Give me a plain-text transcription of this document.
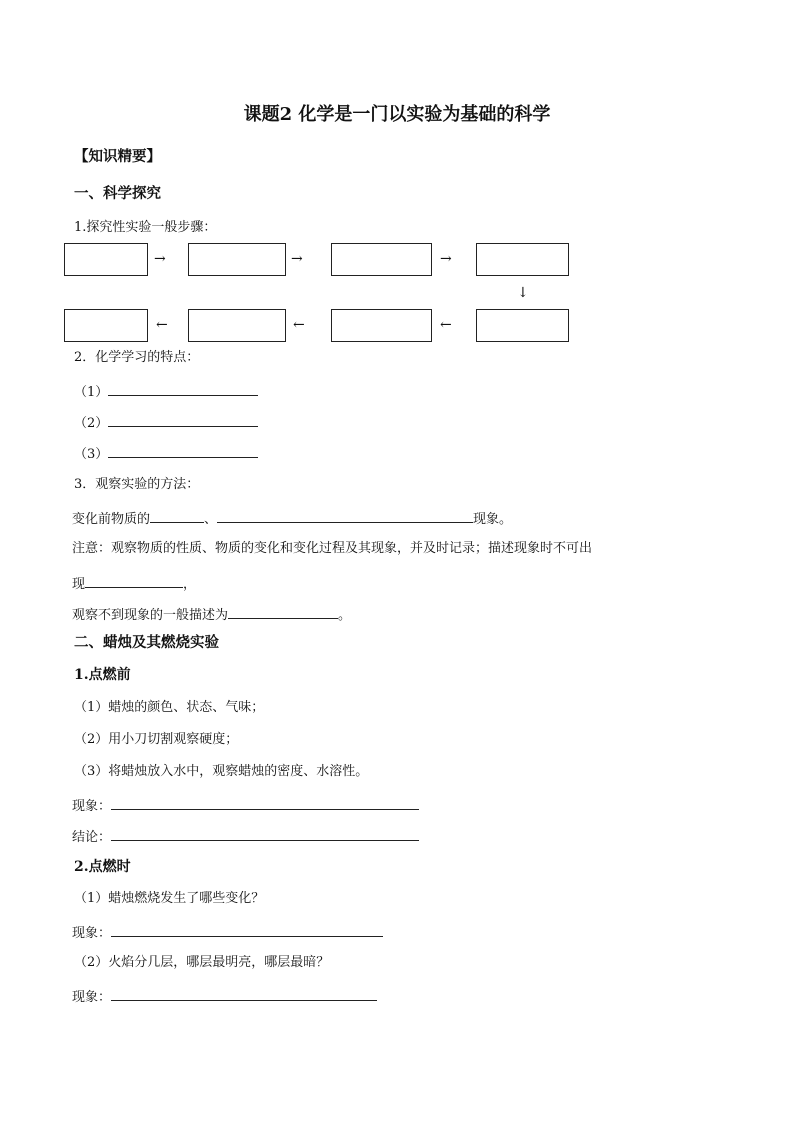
课题2 化学是一门以实验为基础的科学
【知识精要】
一、科学探究
1.探究性实验一般步骤：
→	→	→
↓
←	←	←
2．化学学习的特点：
（1）
（2）
（3）
3．观察实验的方法：
变化前物质的	、	现象。
注意：观察物质的性质、物质的变化和变化过程及其现象，并及时记录；描述现象时不可出
现	，
观察不到现象的一般描述为	。
二、蜡烛及其燃烧实验
1.点燃前
（1）蜡烛的颜色、状态、气味；
（2）用小刀切割观察硬度；
（3）将蜡烛放入水中，观察蜡烛的密度、水溶性。
现象：
结论：
2.点燃时
（1）蜡烛燃烧发生了哪些变化？
现象：
（2）火焰分几层，哪层最明亮，哪层最暗？
现象：
